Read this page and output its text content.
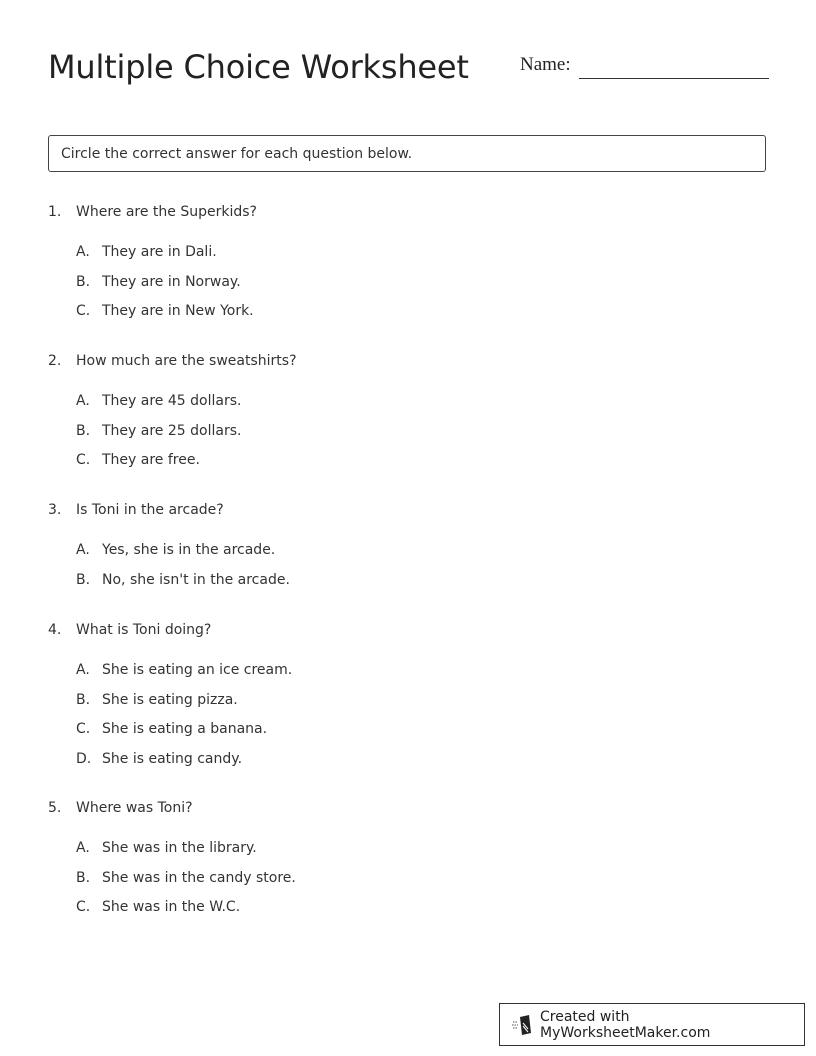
Multiple Choice Worksheet	Name:
Circle the correct answer for each question below.
1.	Where are the Superkids?
A. They are in Dali.
B. They are in Norway.
C. They are in New York.
2.	How much are the sweatshirts?
A. They are 45 dollars.
B. They are 25 dollars.
C. They are free.
3.	Is Toni in the arcade?
A. Yes, she is in the arcade.
B. No, she isn't in the arcade.
4.	What is Toni doing?
A. She is eating an ice cream.
B. She is eating pizza.
C. She is eating a banana.
D. She is eating candy.
5.	Where was Toni?
A. She was in the library.
B. She was in the candy store.
C. She was in the W.C.
Created with MyWorksheetMaker.com
